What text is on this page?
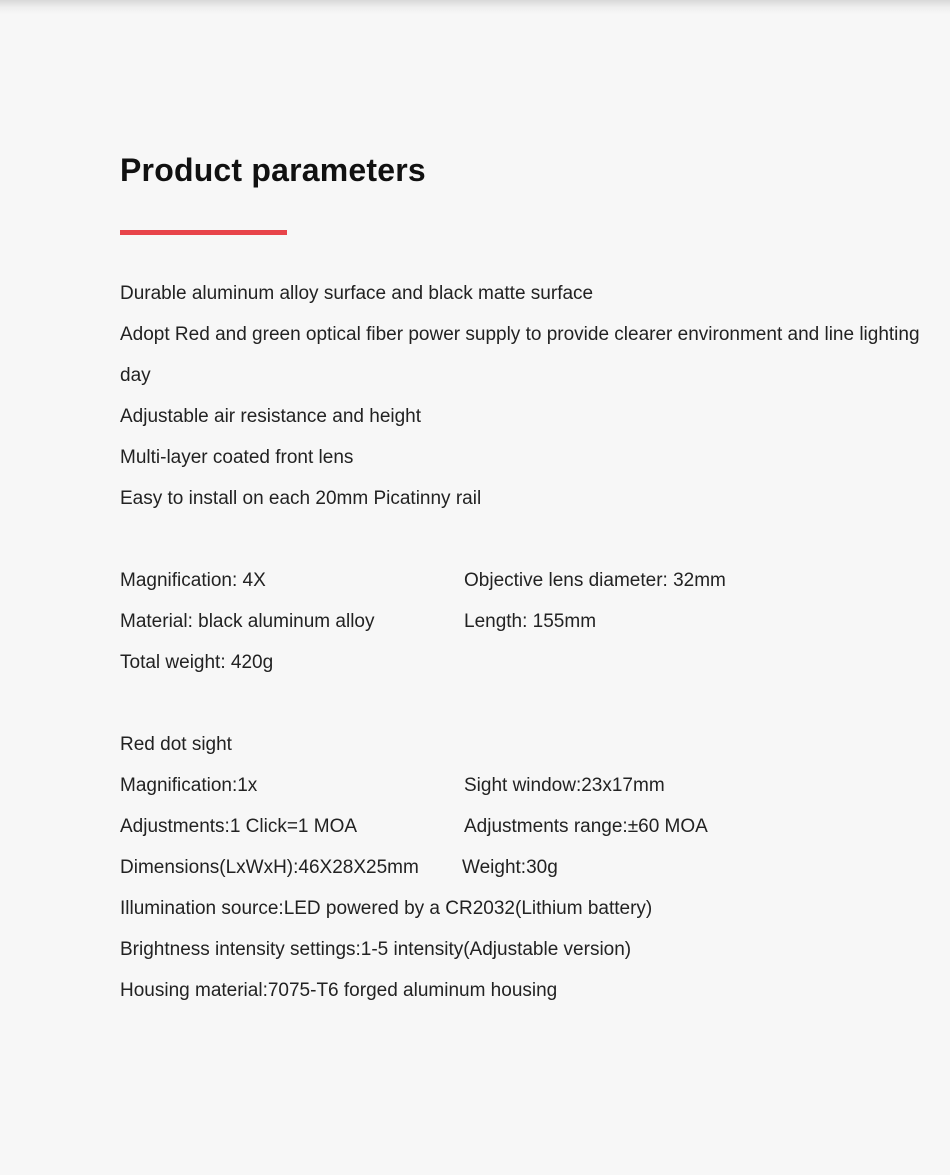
Product parameters
Durable aluminum alloy surface and black matte surface
Adopt Red and green optical fiber power supply to provide clearer environment and line lighting
day
Adjustable air resistance and height
Multi-layer coated front lens
Easy to install on each 20mm Picatinny rail
Magnification: 4X	Objective lens diameter: 32mm
Material: black aluminum alloy	Length: 155mm
Total weight: 420g
Red dot sight
Magnification:1x	Sight window:23x17mm
Adjustments:1 Click=1 MOA	Adjustments range:±60 MOA
Dimensions(LxWxH):46X28X25mm Weight:30g
Illumination source:LED powered by a CR2032(Lithium battery)
Brightness intensity settings:1-5 intensity(Adjustable version)
Housing material:7075-T6 forged aluminum housing
